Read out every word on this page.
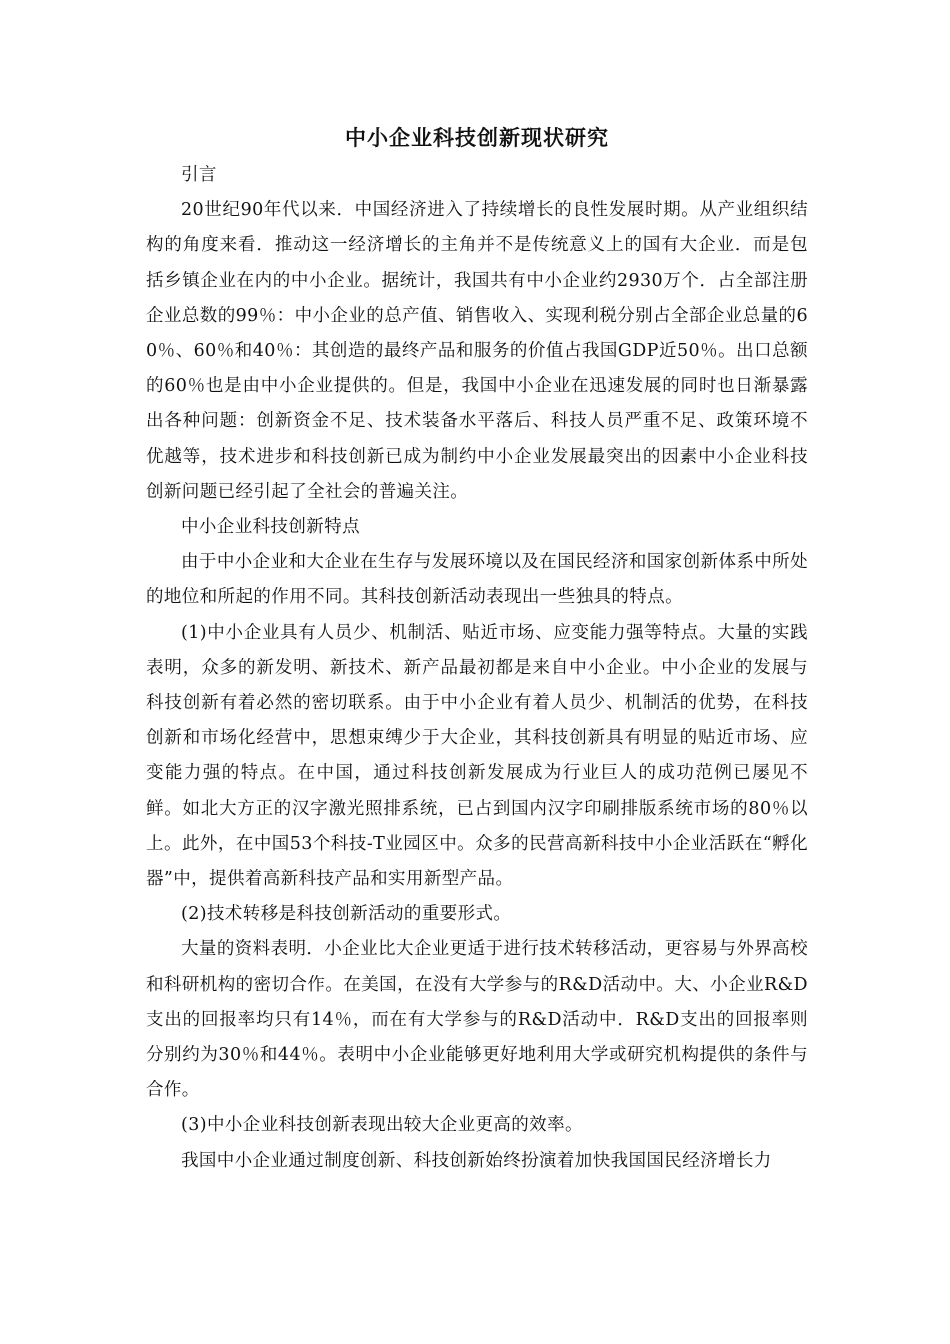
中小企业科技创新现状研究

引言

20世纪90年代以来．中国经济进入了持续增长的良性发展时期。从产业组织结构的角度来看．推动这一经济增长的主角并不是传统意义上的国有大企业．而是包括乡镇企业在内的中小企业。据统计，我国共有中小企业约2930万个．占全部注册企业总数的99％：中小企业的总产值、销售收入、实现利税分别占全部企业总量的60％、60％和40％：其创造的最终产品和服务的价值占我国GDP近50％。出口总额的60％也是由中小企业提供的。但是，我国中小企业在迅速发展的同时也日渐暴露出各种问题：创新资金不足、技术装备水平落后、科技人员严重不足、政策环境不优越等，技术进步和科技创新已成为制约中小企业发展最突出的因素中小企业科技创新问题已经引起了全社会的普遍关注。

中小企业科技创新特点

由于中小企业和大企业在生存与发展环境以及在国民经济和国家创新体系中所处的地位和所起的作用不同。其科技创新活动表现出一些独具的特点。

(1)中小企业具有人员少、机制活、贴近市场、应变能力强等特点。大量的实践表明，众多的新发明、新技术、新产品最初都是来自中小企业。中小企业的发展与科技创新有着必然的密切联系。由于中小企业有着人员少、机制活的优势，在科技创新和市场化经营中，思想束缚少于大企业，其科技创新具有明显的贴近市场、应变能力强的特点。在中国，通过科技创新发展成为行业巨人的成功范例已屡见不鲜。如北大方正的汉字激光照排系统，已占到国内汉字印刷排版系统市场的80％以上。此外，在中国53个科技-T业园区中。众多的民营高新科技中小企业活跃在“孵化器”中，提供着高新科技产品和实用新型产品。

(2)技术转移是科技创新活动的重要形式。

大量的资料表明．小企业比大企业更适于进行技术转移活动，更容易与外界高校和科研机构的密切合作。在美国，在没有大学参与的R&D活动中。大、小企业R&D支出的回报率均只有14％，而在有大学参与的R&D活动中．R&D支出的回报率则分别约为30％和44％。表明中小企业能够更好地利用大学或研究机构提供的条件与合作。

(3)中小企业科技创新表现出较大企业更高的效率。

我国中小企业通过制度创新、科技创新始终扮演着加快我国国民经济增长力
